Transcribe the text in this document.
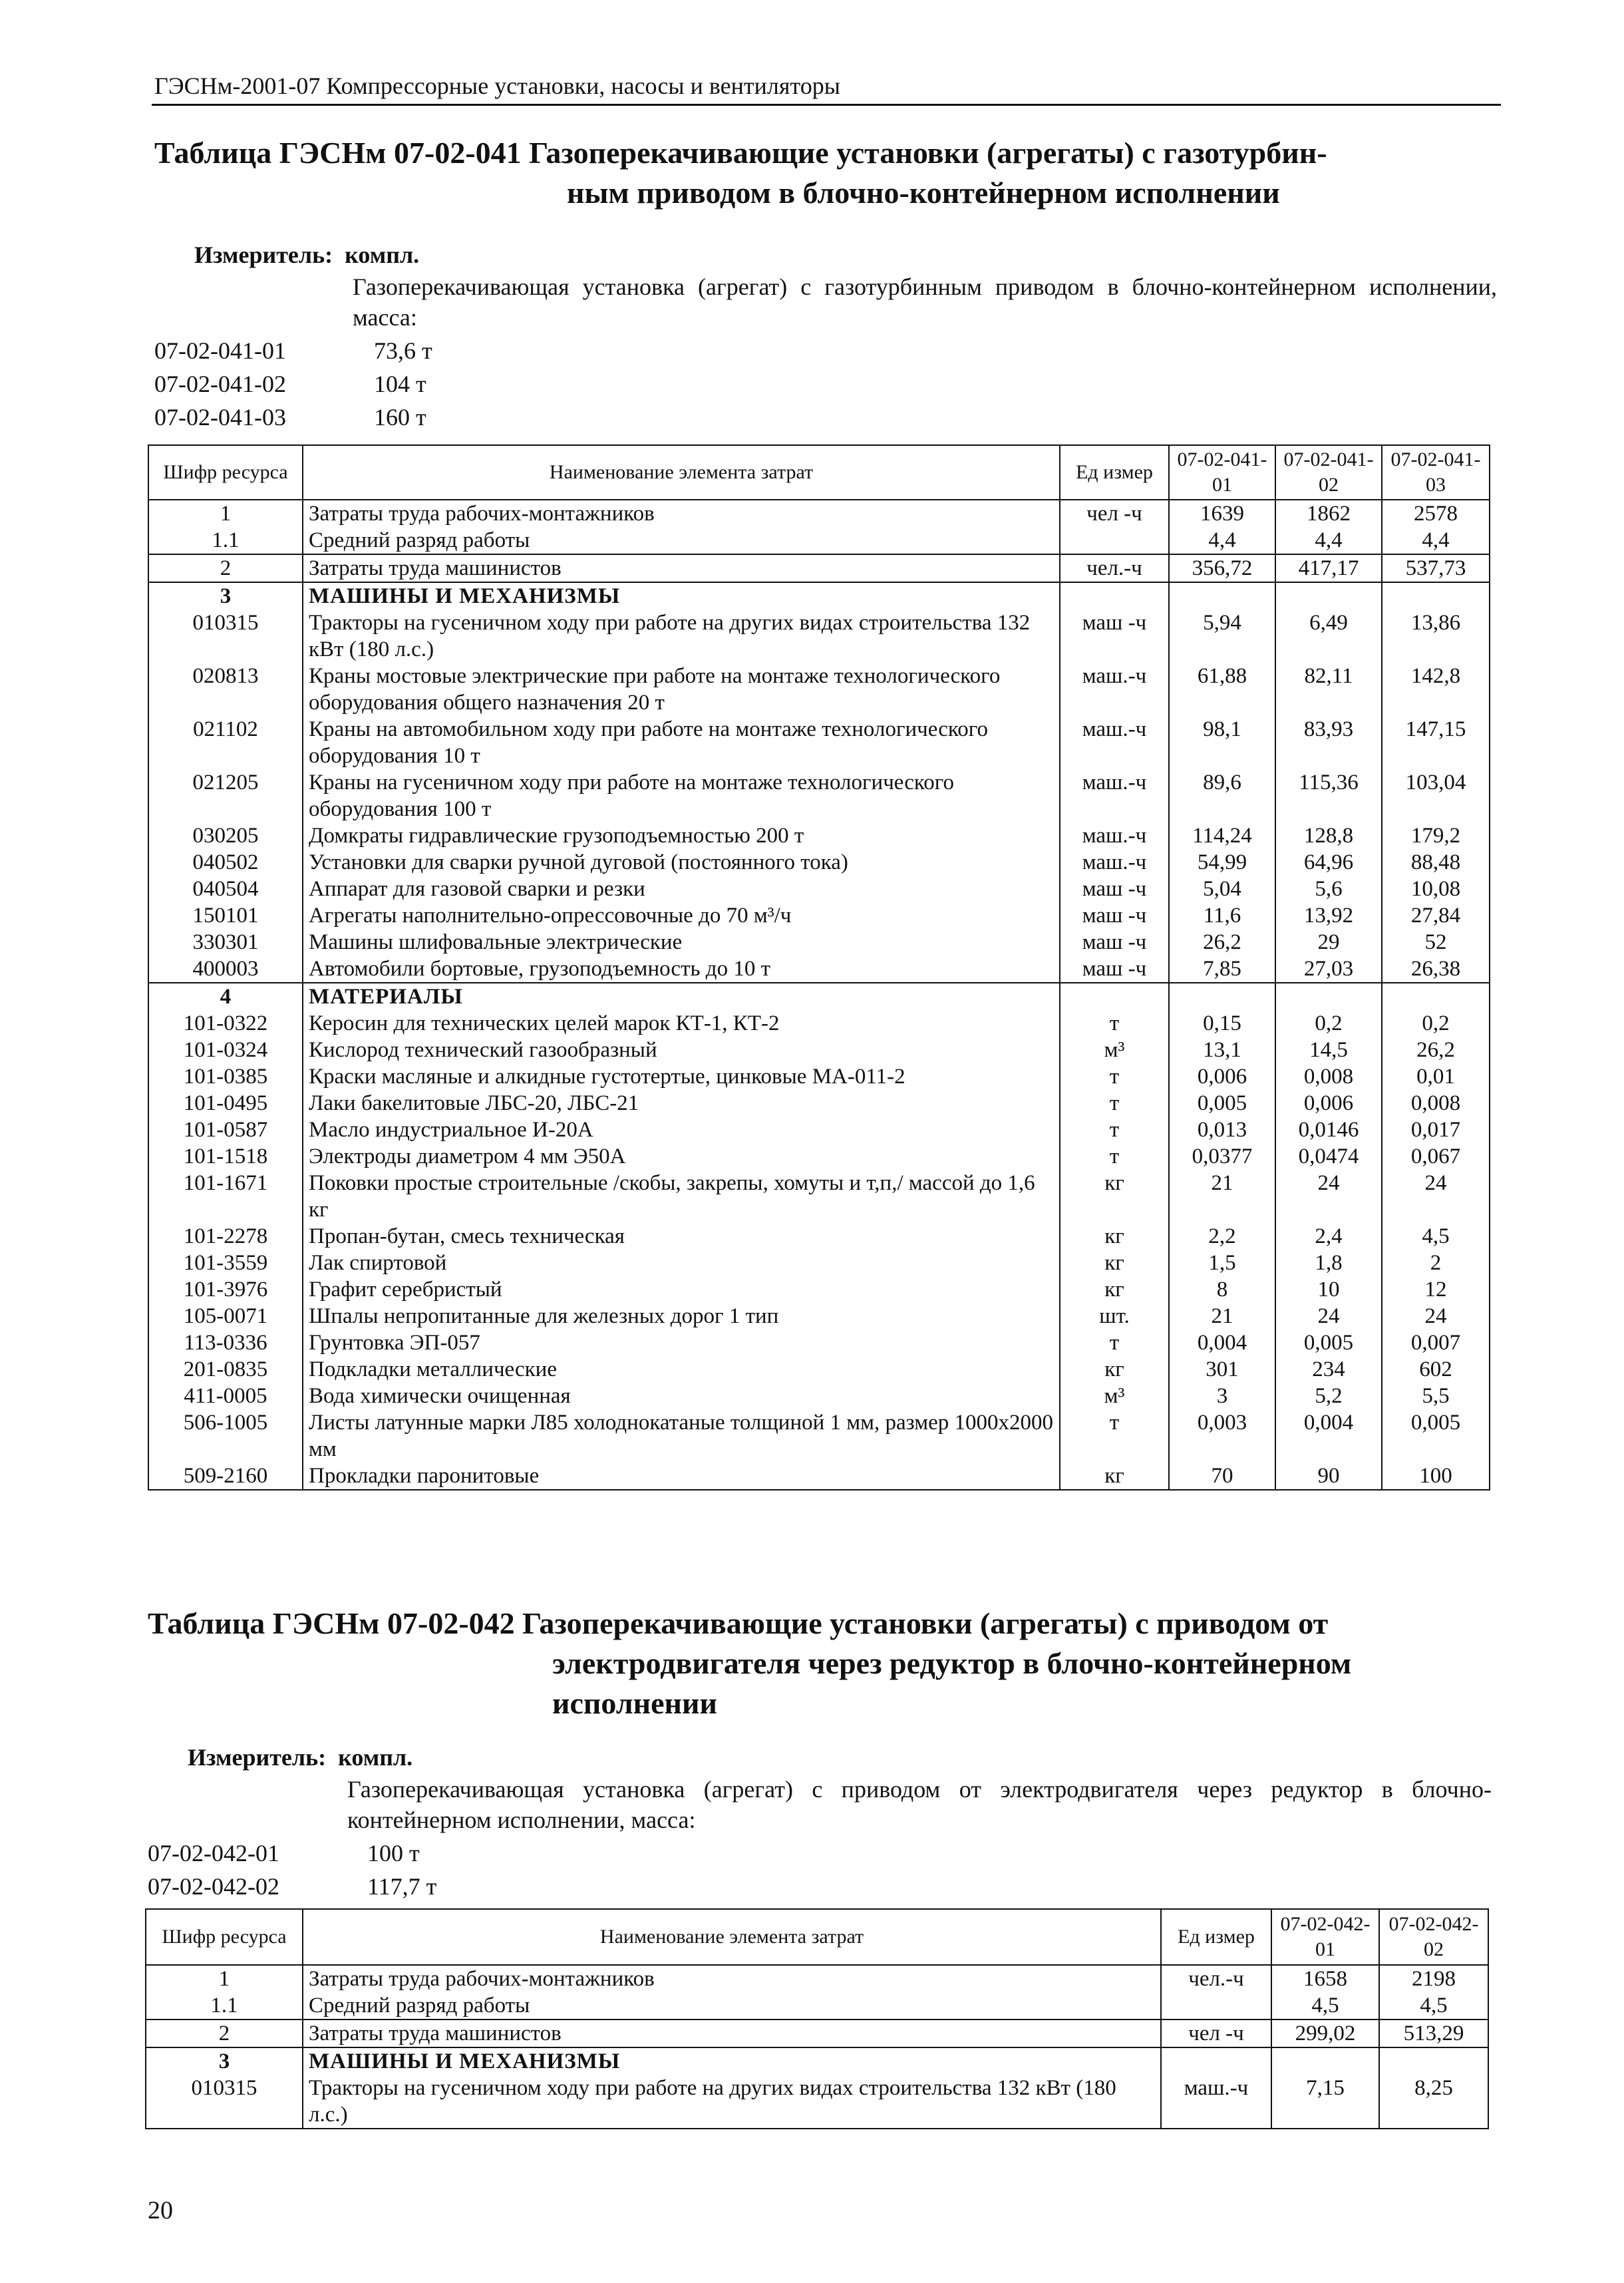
ГЭСНм-2001-07 Компрессорные установки, насосы и вентиляторы
Таблица ГЭСНм 07-02-041 Газоперекачивающие установки (агрегаты) с газотурбин-
ным приводом в блочно-контейнерном исполнении
Измеритель: компл.
Газоперекачивающая установка (агрегат) с газотурбинным приводом в блочно-контейнерном исполнении, масса:
07-02-041-01	73,6 т
07-02-041-02	104 т
07-02-041-03	160 т
Шифр ресурса	Наименование элемента затрат	Ед измер	07-02-041-01	07-02-041-02	07-02-041-03
1	Затраты труда рабочих-монтажников	чел -ч	1639	1862	2578
1.1	Средний разряд работы		4,4	4,4	4,4
2	Затраты труда машинистов	чел.-ч	356,72	417,17	537,73
3	МАШИНЫ И МЕХАНИЗМЫ				
010315	Тракторы на гусеничном ходу при работе на других видах строительства 132 кВт (180 л.с.)	маш -ч	5,94	6,49	13,86
020813	Краны мостовые электрические при работе на монтаже технологического оборудования общего назначения 20 т	маш.-ч	61,88	82,11	142,8
021102	Краны на автомобильном ходу при работе на монтаже технологического оборудования 10 т	маш.-ч	98,1	83,93	147,15
021205	Краны на гусеничном ходу при работе на монтаже технологического оборудования 100 т	маш.-ч	89,6	115,36	103,04
030205	Домкраты гидравлические грузоподъемностью 200 т	маш.-ч	114,24	128,8	179,2
040502	Установки для сварки ручной дуговой (постоянного тока)	маш.-ч	54,99	64,96	88,48
040504	Аппарат для газовой сварки и резки	маш -ч	5,04	5,6	10,08
150101	Агрегаты наполнительно-опрессовочные до 70 м³/ч	маш -ч	11,6	13,92	27,84
330301	Машины шлифовальные электрические	маш -ч	26,2	29	52
400003	Автомобили бортовые, грузоподъемность до 10 т	маш -ч	7,85	27,03	26,38
4	МАТЕРИАЛЫ				
101-0322	Керосин для технических целей марок КТ-1, КТ-2	т	0,15	0,2	0,2
101-0324	Кислород технический газообразный	м³	13,1	14,5	26,2
101-0385	Краски масляные и алкидные густотертые, цинковые МА-011-2	т	0,006	0,008	0,01
101-0495	Лаки бакелитовые ЛБС-20, ЛБС-21	т	0,005	0,006	0,008
101-0587	Масло индустриальное И-20А	т	0,013	0,0146	0,017
101-1518	Электроды диаметром 4 мм Э50А	т	0,0377	0,0474	0,067
101-1671	Поковки простые строительные /скобы, закрепы, хомуты и т,п,/ массой до 1,6 кг	кг	21	24	24
101-2278	Пропан-бутан, смесь техническая	кг	2,2	2,4	4,5
101-3559	Лак спиртовой	кг	1,5	1,8	2
101-3976	Графит серебристый	кг	8	10	12
105-0071	Шпалы непропитанные для железных дорог 1 тип	шт.	21	24	24
113-0336	Грунтовка ЭП-057	т	0,004	0,005	0,007
201-0835	Подкладки металлические	кг	301	234	602
411-0005	Вода химически очищенная	м³	3	5,2	5,5
506-1005	Листы латунные марки Л85 холоднокатаные толщиной 1 мм, размер 1000х2000 мм	т	0,003	0,004	0,005
509-2160	Прокладки паронитовые	кг	70	90	100
Таблица ГЭСНм 07-02-042 Газоперекачивающие установки (агрегаты) с приводом от
электродвигателя через редуктор в блочно-контейнерном
исполнении
Измеритель: компл.
Газоперекачивающая установка (агрегат) с приводом от электродвигателя через редуктор в блочно-контейнерном исполнении, масса:
07-02-042-01	100 т
07-02-042-02	117,7 т
Шифр ресурса	Наименование элемента затрат	Ед измер	07-02-042-01	07-02-042-02
1	Затраты труда рабочих-монтажников	чел.-ч	1658	2198
1.1	Средний разряд работы		4,5	4,5
2	Затраты труда машинистов	чел -ч	299,02	513,29
3	МАШИНЫ И МЕХАНИЗМЫ			
010315	Тракторы на гусеничном ходу при работе на других видах строительства 132 кВт (180 л.с.)	маш.-ч	7,15	8,25
20
